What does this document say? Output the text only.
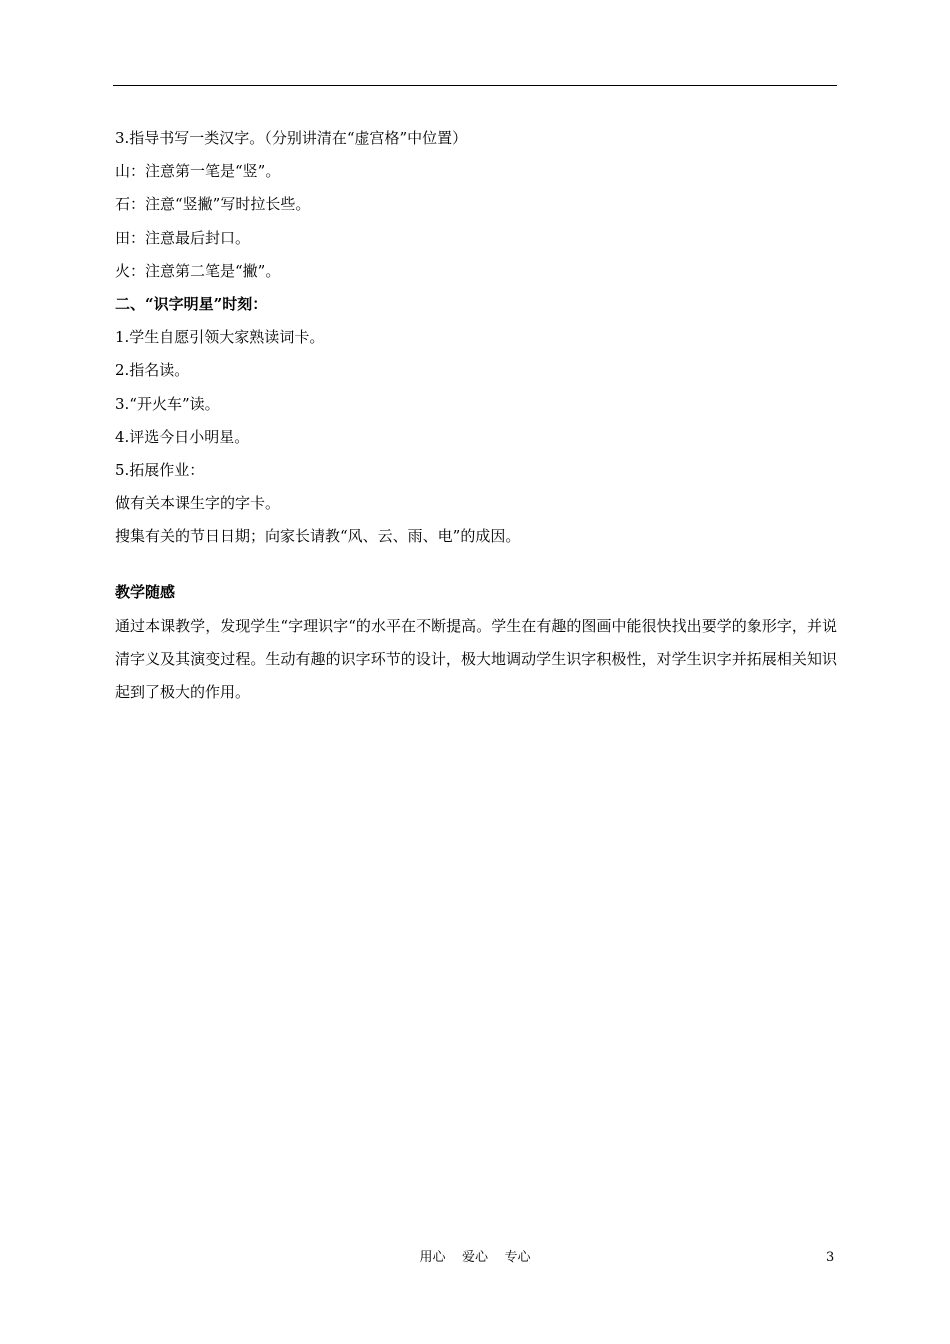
3.指导书写一类汉字。（分别讲清在“虚宫格”中位置）
山：注意第一笔是“竖”。
石：注意“竖撇”写时拉长些。
田：注意最后封口。
火：注意第二笔是“撇”。
二、“识字明星”时刻：
1.学生自愿引领大家熟读词卡。
2.指名读。
3.“开火车”读。
4.评选今日小明星。
5.拓展作业：
做有关本课生字的字卡。
搜集有关的节日日期；向家长请教“风、云、雨、电”的成因。
教学随感
通过本课教学，发现学生“字理识字“的水平在不断提高。学生在有趣的图画中能很快找出要学的象形字，并说清字义及其演变过程。生动有趣的识字环节的设计，极大地调动学生识字积极性，对学生识字并拓展相关知识起到了极大的作用。
用心    爱心    专心	3
